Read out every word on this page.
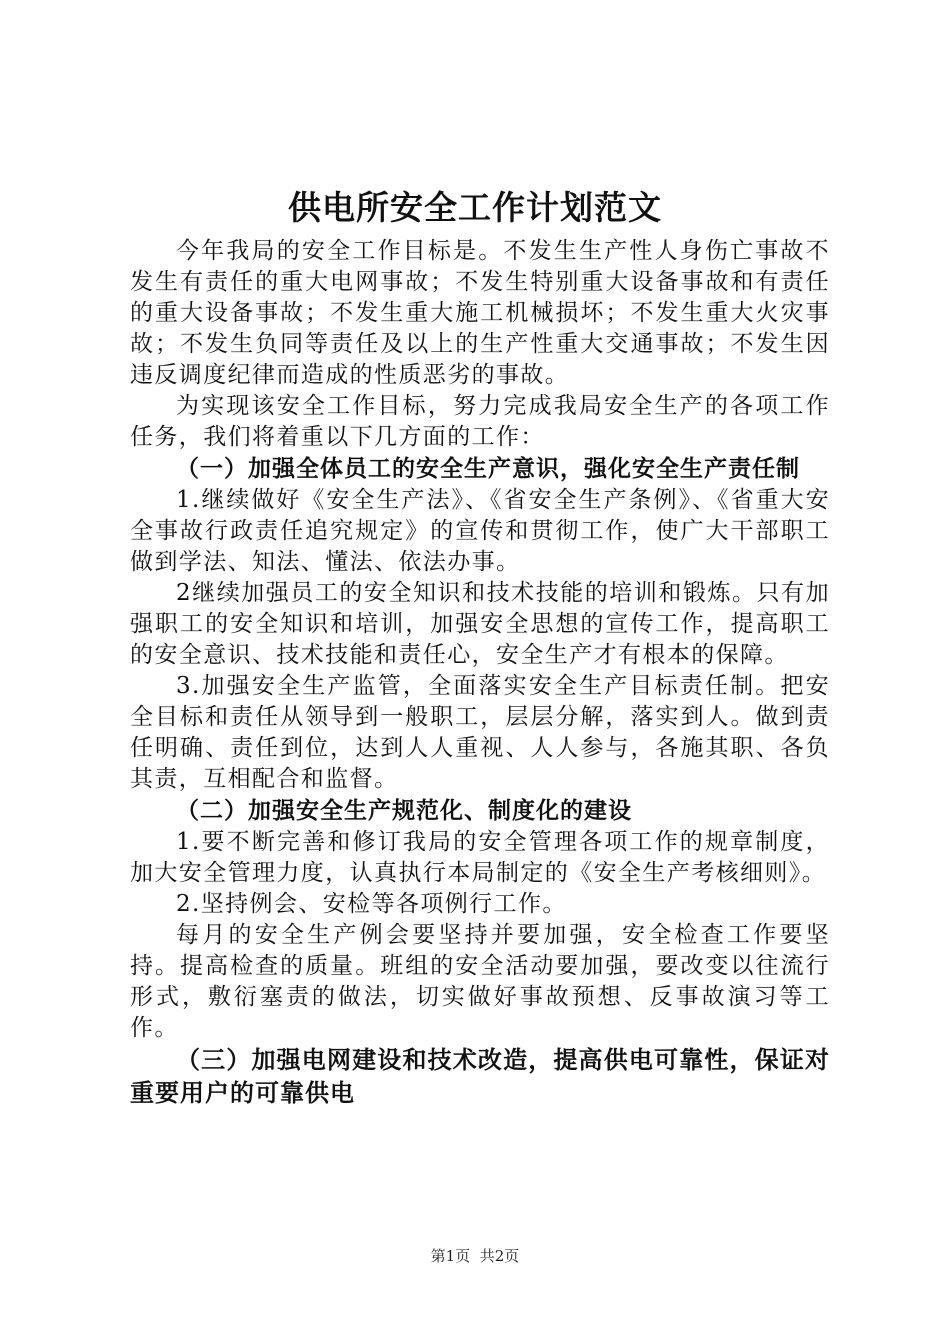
供电所安全工作计划范文

今年我局的安全工作目标是。不发生生产性人身伤亡事故不发生有责任的重大电网事故；不发生特别重大设备事故和有责任的重大设备事故；不发生重大施工机械损坏；不发生重大火灾事故；不发生负同等责任及以上的生产性重大交通事故；不发生因违反调度纪律而造成的性质恶劣的事故。

为实现该安全工作目标，努力完成我局安全生产的各项工作任务，我们将着重以下几方面的工作：

（一）加强全体员工的安全生产意识，强化安全生产责任制

1.继续做好《安全生产法》、《省安全生产条例》、《省重大安全事故行政责任追究规定》的宣传和贯彻工作，使广大干部职工做到学法、知法、懂法、依法办事。

2继续加强员工的安全知识和技术技能的培训和锻炼。只有加强职工的安全知识和培训，加强安全思想的宣传工作，提高职工的安全意识、技术技能和责任心，安全生产才有根本的保障。

3.加强安全生产监管，全面落实安全生产目标责任制。把安全目标和责任从领导到一般职工，层层分解，落实到人。做到责任明确、责任到位，达到人人重视、人人参与，各施其职、各负其责，互相配合和监督。

（二）加强安全生产规范化、制度化的建设

1.要不断完善和修订我局的安全管理各项工作的规章制度，加大安全管理力度，认真执行本局制定的《安全生产考核细则》。

2.坚持例会、安检等各项例行工作。

每月的安全生产例会要坚持并要加强，安全检查工作要坚持。提高检查的质量。班组的安全活动要加强，要改变以往流行形式，敷衍塞责的做法，切实做好事故预想、反事故演习等工作。

（三）加强电网建设和技术改造，提高供电可靠性，保证对重要用户的可靠供电

第1页 共2页
